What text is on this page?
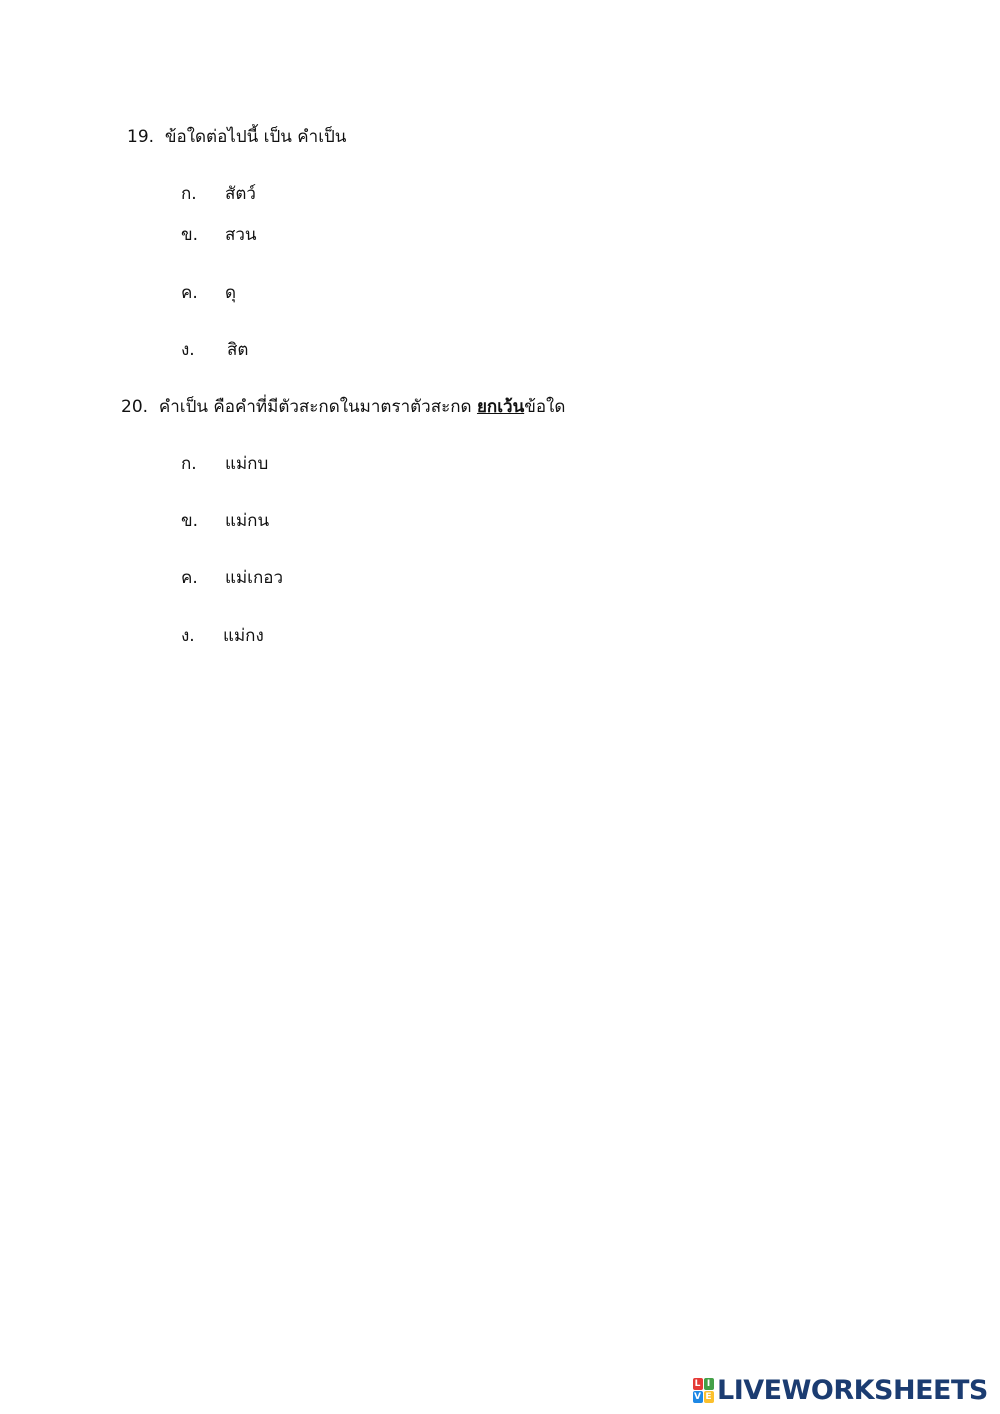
19. ข้อใดต่อไปนี้ เป็น คำเป็น
ก. สัตว์
ข. สวน
ค. ดุ
ง. สิต
20. คำเป็น คือคำที่มีตัวสะกดในมาตราตัวสะกด ยกเว้นข้อใด
ก. แม่กบ
ข. แม่กน
ค. แม่เกอว
ง. แม่กง
L I
V E LIVEWORKSHEETS
